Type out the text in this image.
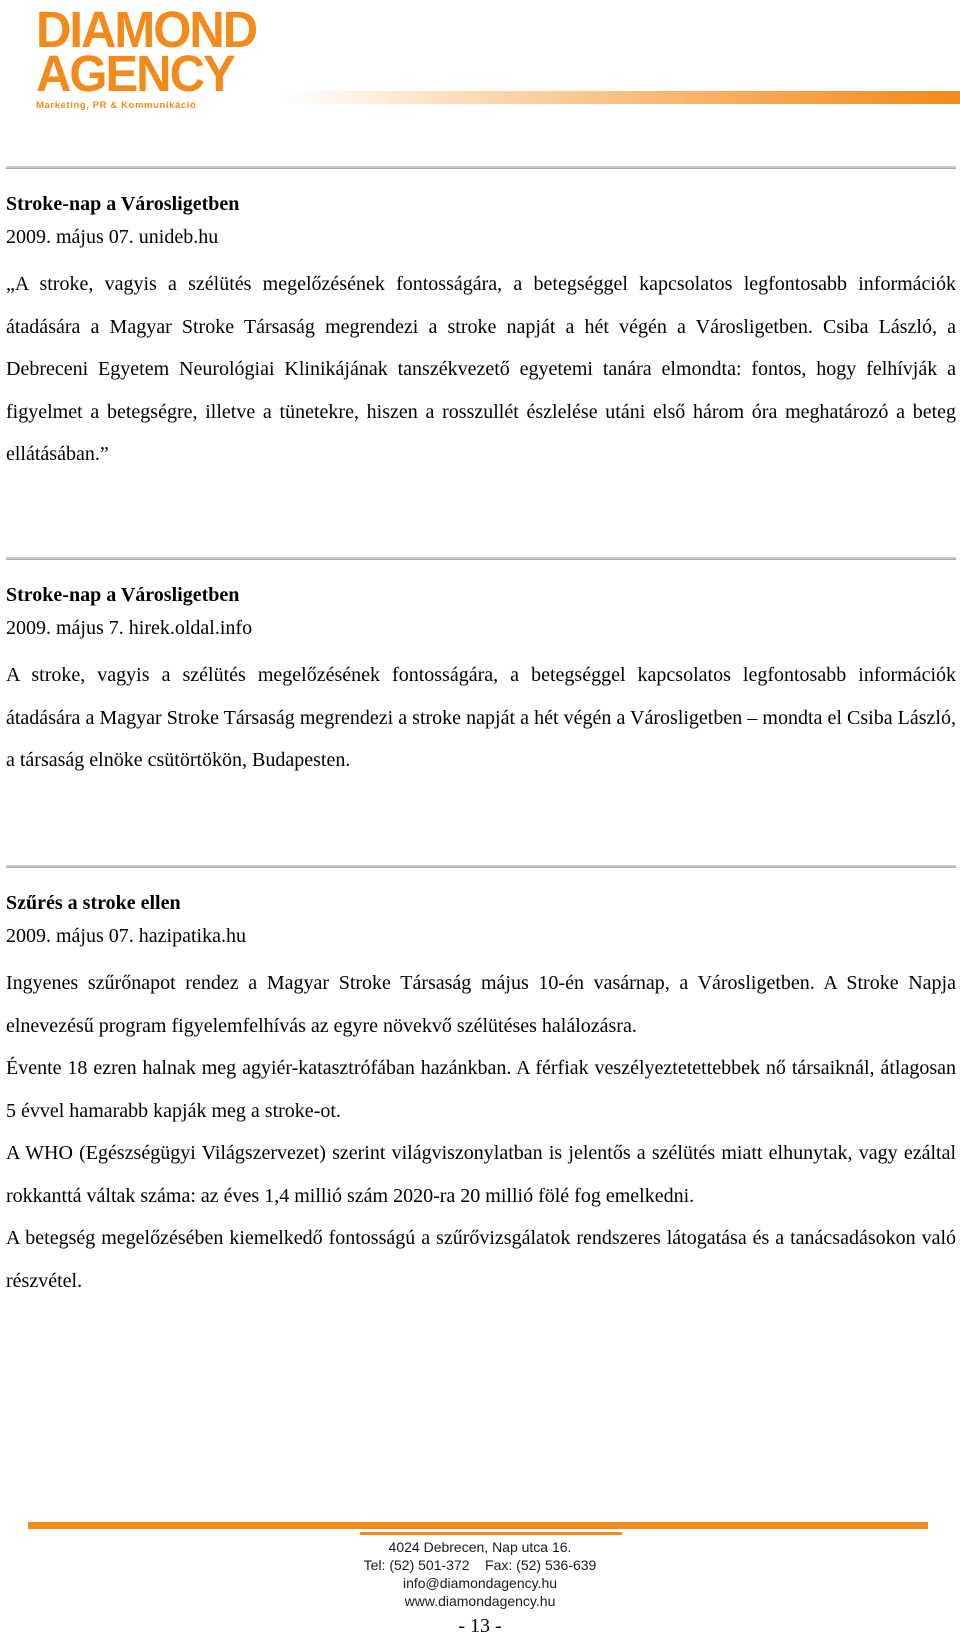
DIAMOND
AGENCY
Marketing, PR & Kommunikáció
Stroke-nap a Városligetben
2009. május 07. unideb.hu

„A stroke, vagyis a szélütés megelőzésének fontosságára, a betegséggel kapcsolatos legfontosabb információk átadására a Magyar Stroke Társaság megrendezi a stroke napját a hét végén a Városligetben. Csiba László, a Debreceni Egyetem Neurológiai Klinikájának tanszékvezető egyetemi tanára elmondta: fontos, hogy felhívják a figyelmet a betegségre, illetve a tünetekre, hiszen a rosszullét észlelése utáni első három óra meghatározó a beteg ellátásában.”

Stroke-nap a Városligetben
2009. május 7. hirek.oldal.info

A stroke, vagyis a szélütés megelőzésének fontosságára, a betegséggel kapcsolatos legfontosabb információk átadására a Magyar Stroke Társaság megrendezi a stroke napját a hét végén a Városligetben – mondta el Csiba László, a társaság elnöke csütörtökön, Budapesten.

Szűrés a stroke ellen
2009. május 07. hazipatika.hu

Ingyenes szűrőnapot rendez a Magyar Stroke Társaság május 10-én vasárnap, a Városligetben. A Stroke Napja elnevezésű program figyelemfelhívás az egyre növekvő szélütéses halálozásra.

Évente 18 ezren halnak meg agyiér-katasztrófában hazánkban. A férfiak veszélyeztetettebbek nő társaiknál, átlagosan 5 évvel hamarabb kapják meg a stroke-ot.

A WHO (Egészségügyi Világszervezet) szerint világviszonylatban is jelentős a szélütés miatt elhunytak, vagy ezáltal rokkanttá váltak száma: az éves 1,4 millió szám 2020-ra 20 millió fölé fog emelkedni.

A betegség megelőzésében kiemelkedő fontosságú a szűrővizsgálatok rendszeres látogatása és a tanácsadásokon való részvétel.

4024 Debrecen, Nap utca 16.
Tel: (52) 501-372    Fax: (52) 536-639
info@diamondagency.hu
www.diamondagency.hu
- 13 -
